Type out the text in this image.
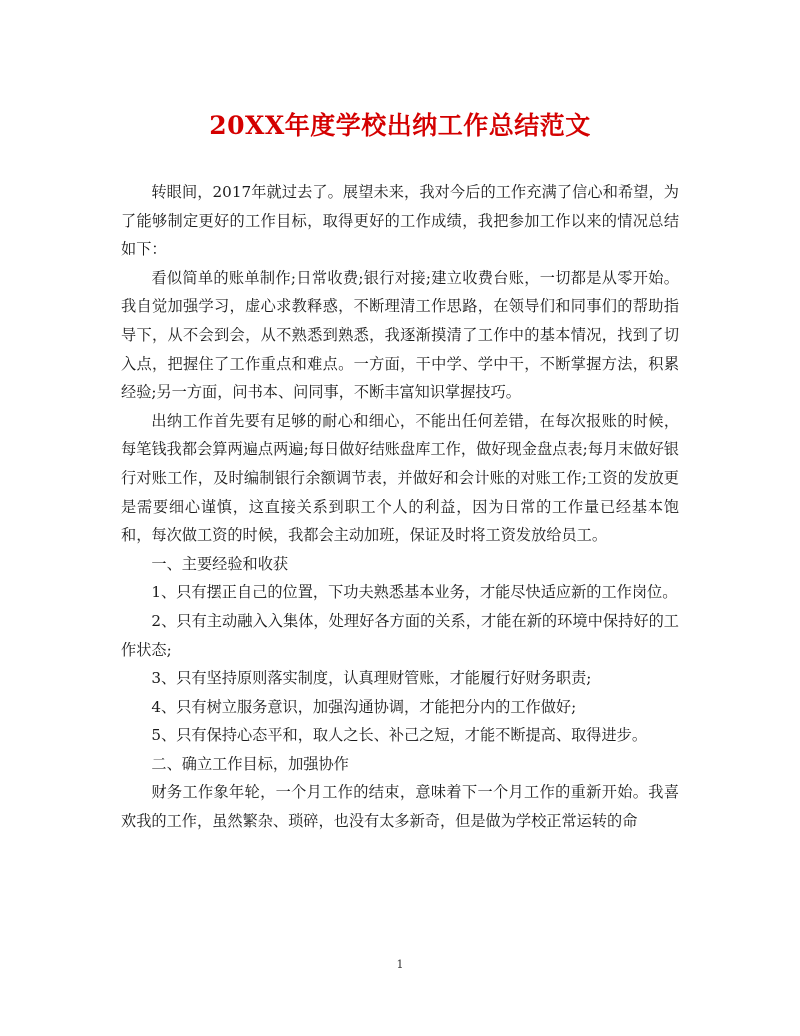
20XX年度学校出纳工作总结范文

转眼间，2017年就过去了。展望未来，我对今后的工作充满了信心和希望，为了能够制定更好的工作目标，取得更好的工作成绩，我把参加工作以来的情况总结如下：

看似简单的账单制作;日常收费;银行对接;建立收费台账，一切都是从零开始。我自觉加强学习，虚心求教释惑，不断理清工作思路，在领导们和同事们的帮助指导下，从不会到会，从不熟悉到熟悉，我逐渐摸清了工作中的基本情况，找到了切入点，把握住了工作重点和难点。一方面，干中学、学中干，不断掌握方法，积累经验;另一方面，问书本、问同事，不断丰富知识掌握技巧。

出纳工作首先要有足够的耐心和细心，不能出任何差错，在每次报账的时候，每笔钱我都会算两遍点两遍;每日做好结账盘库工作，做好现金盘点表;每月末做好银行对账工作，及时编制银行余额调节表，并做好和会计账的对账工作;工资的发放更是需要细心谨慎，这直接关系到职工个人的利益，因为日常的工作量已经基本饱和，每次做工资的时候，我都会主动加班，保证及时将工资发放给员工。

一、主要经验和收获

1、只有摆正自己的位置，下功夫熟悉基本业务，才能尽快适应新的工作岗位。

2、只有主动融入入集体，处理好各方面的关系，才能在新的环境中保持好的工作状态;

3、只有坚持原则落实制度，认真理财管账，才能履行好财务职责;

4、只有树立服务意识，加强沟通协调，才能把分内的工作做好;

5、只有保持心态平和，取人之长、补己之短，才能不断提高、取得进步。

二、确立工作目标，加强协作

财务工作象年轮，一个月工作的结束，意味着下一个月工作的重新开始。我喜欢我的工作，虽然繁杂、琐碎，也没有太多新奇，但是做为学校正常运转的命

1
